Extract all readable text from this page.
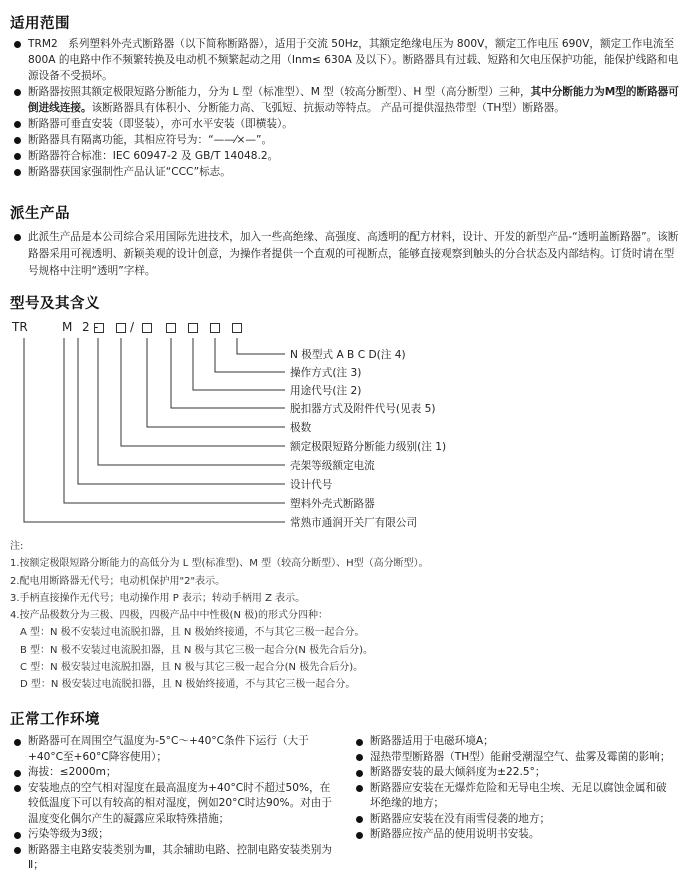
适用范围
TRM2　系列塑料外壳式断路器（以下简称断路器），适用于交流 50Hz，其额定绝缘电压为 800V，额定工作电压 690V，额定工作电流至　800A 的电路中作不频繁转换及电动机不频繁起动之用（Inm≤ 630A 及以下）。断路器具有过载、短路和欠电压保护功能，能保护线路和电源设备不受损坏。
断路器按照其额定极限短路分断能力，分为 L 型（标准型）、M 型（较高分断型）、H 型（高分断型）三种，其中分断能力为M型的断路器可倒进线连接。该断路器具有体积小、分断能力高、飞弧短、抗振动等特点。 产品可提供湿热带型（TH型）断路器。
断路器可垂直安装（即竖装），亦可水平安装（即横装）。
断路器具有隔离功能，其相应符号为：“——⁄×—”。
断路器符合标准：IEC 60947-2 及 GB/T 14048.2。
断路器获国家强制性产品认证“CCC”标志。
派生产品
此派生产品是本公司综合采用国际先进技术，加入一些高绝缘、高强度、高透明的配方材料，设计、开发的新型产品-“透明盖断路器”。该断路器采用可视透明、新颖美观的设计创意，为操作者提供一个直观的可视断点，能够直接观察到触头的分合状态及内部结构。订货时请在型号规格中注明“透明”字样。
型号及其含义
TR	M 2 -	/
N 极型式 A B C D(注 4)
操作方式(注 3)
用途代号(注 2)
脱扣器方式及附件代号(见表 5)
极数
额定极限短路分断能力级别(注 1)
壳架等级额定电流
设计代号
塑料外壳式断路器
常熟市通润开关厂有限公司
注:
1.按额定极限短路分断能力的高低分为 L 型(标准型)、M 型（较高分断型）、H型（高分断型）。
2.配电用断路器无代号；电动机保护用"2"表示。
3.手柄直接操作无代号；电动操作用 P 表示；转动手柄用 Z 表示。
4.按产品极数分为三极、四极，四极产品中中性极(N 极)的形式分四种：
A 型：N 极不安装过电流脱扣器，且 N 极始终接通，不与其它三极一起合分。
B 型：N 极不安装过电流脱扣器，且 N 极与其它三极一起合分(N 极先合后分)。
C 型：N 极安装过电流脱扣器，且 N 极与其它三极一起合分(N 极先合后分)。
D 型：N 极安装过电流脱扣器，且 N 极始终接通，不与其它三极一起合分。
正常工作环境
断路器可在周围空气温度为-5°C～+40°C条件下运行（大于+40°C至+60°C降容使用）；
海拔：≤2000m；
安装地点的空气相对湿度在最高温度为+40°C时不超过50%，在较低温度下可以有较高的相对湿度，例如20°C时达90%。对由于温度变化偶尔产生的凝露应采取特殊措施；
污染等级为3级；
断路器主电路安装类别为Ⅲ，其余辅助电路、控制电路安装类别为Ⅱ；
断路器适用于电磁环境A；
湿热带型断路器（TH型）能耐受潮湿空气、盐雾及霉菌的影响；
断路器安装的最大倾斜度为±22.5°；
断路器应安装在无爆炸危险和无导电尘埃、无足以腐蚀金属和破坏绝缘的地方；
断路器应安装在没有雨雪侵袭的地方；
断路器应按产品的使用说明书安装。
